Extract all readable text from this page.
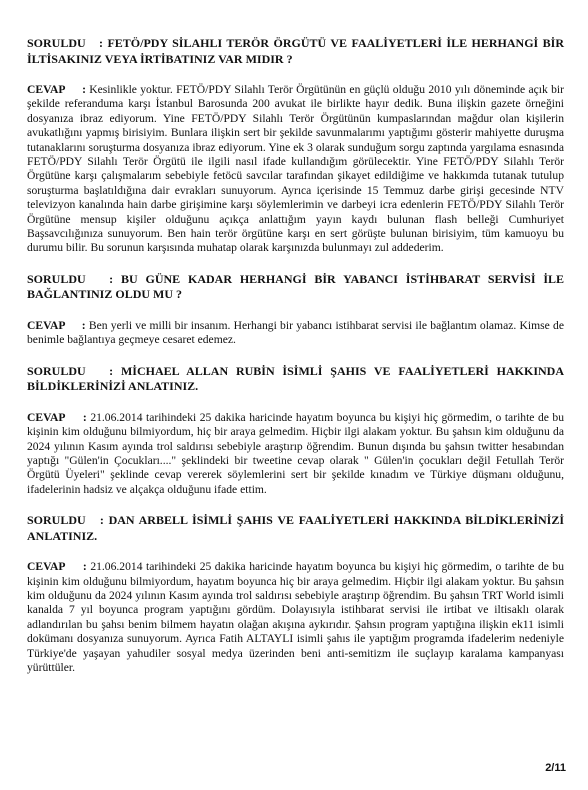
SORULDU   : FETÖ/PDY SİLAHLI TERÖR ÖRGÜTÜ VE FAALİYETLERİ İLE HERHANGİ BİR İLTİSAKINIZ VEYA İRTİBATINIZ VAR MIDIR ?

CEVAP     : Kesinlikle yoktur. FETÖ/PDY Silahlı Terör Örgütünün en güçlü olduğu 2010 yılı döneminde açık bir şekilde referanduma karşı İstanbul Barosunda 200 avukat ile birlikte hayır dedik. Buna ilişkin gazete örneğini dosyanıza ibraz ediyorum. Yine FETÖ/PDY Silahlı Terör Örgütünün kumpaslarından mağdur olan kişilerin avukatlığını yapmış birisiyim. Bunlara ilişkin sert bir şekilde savunmalarımı yaptığımı gösterir mahiyette duruşma tutanaklarını soruşturma dosyanıza ibraz ediyorum. Yine ek 3 olarak sunduğum sorgu zaptında yargılama esnasında FETÖ/PDY Silahlı Terör Örgütü ile ilgili nasıl ifade kullandığım görülecektir. Yine FETÖ/PDY Silahlı Terör Örgütüne karşı çalışmalarım sebebiyle fetöcü savcılar tarafından şikayet edildiğime ve hakkımda tutanak tutulup soruşturma başlatıldığına dair evrakları sunuyorum. Ayrıca içerisinde 15 Temmuz darbe girişi gecesinde NTV televizyon kanalında hain darbe girişimine karşı söylemlerimin ve darbeyi icra edenlerin FETÖ/PDY Silahlı Terör Örgütüne mensup kişiler olduğunu açıkça anlattığım yayın kaydı bulunan flash belleği Cumhuriyet Başsavcılığınıza sunuyorum. Ben hain terör örgütüne karşı en sert görüşte bulunan birisiyim, tüm kamuoyu bu durumu bilir. Bu sorunun karşısında muhatap olarak karşınızda bulunmayı zul addederim.

SORULDU   : BU GÜNE KADAR HERHANGİ BİR YABANCI İSTİHBARAT SERVİSİ İLE BAĞLANTINIZ OLDU MU ?

CEVAP     : Ben yerli ve milli bir insanım. Herhangi bir yabancı istihbarat servisi ile bağlantım olamaz. Kimse de benimle bağlantıya geçmeye cesaret edemez.

SORULDU   : MİCHAEL ALLAN RUBİN İSİMLİ ŞAHIS VE FAALİYETLERİ HAKKINDA BİLDİKLERİNİZİ ANLATINIZ.

CEVAP     : 21.06.2014 tarihindeki 25 dakika haricinde hayatım boyunca bu kişiyi hiç görmedim, o tarihte de bu kişinin kim olduğunu bilmiyordum, hiç bir araya gelmedim. Hiçbir ilgi alakam yoktur. Bu şahsın kim olduğunu da 2024 yılının Kasım ayında trol saldırısı sebebiyle araştırıp öğrendim. Bunun dışında bu şahsın twitter hesabından yaptığı "Gülen'in Çocukları...." şeklindeki bir tweetine cevap olarak " Gülen'in çocukları değil Fetullah Terör Örgütü Üyeleri" şeklinde cevap vererek söylemlerini sert bir şekilde kınadım ve Türkiye düşmanı olduğunu, ifadelerinin hadsiz ve alçakça olduğunu ifade ettim.

SORULDU   : DAN ARBELL İSİMLİ ŞAHIS VE FAALİYETLERİ HAKKINDA BİLDİKLERİNİZİ ANLATINIZ.

CEVAP     : 21.06.2014 tarihindeki 25 dakika haricinde hayatım boyunca bu kişiyi hiç görmedim, o tarihte de bu kişinin kim olduğunu bilmiyordum, hayatım boyunca hiç bir araya gelmedim. Hiçbir ilgi alakam yoktur. Bu şahsın kim olduğunu da 2024 yılının Kasım ayında trol saldırısı sebebiyle araştırıp öğrendim. Bu şahsın TRT World isimli kanalda 7 yıl boyunca program yaptığını gördüm. Dolayısıyla istihbarat servisi ile irtibat ve iltisaklı olarak adlandırılan bu şahsı benim bilmem hayatın olağan akışına aykırıdır. Şahsın program yaptığına ilişkin ek11 isimli dokümanı dosyanıza sunuyorum. Ayrıca Fatih ALTAYLI isimli şahıs ile yaptığım programda ifadelerim nedeniyle Türkiye'de yaşayan yahudiler sosyal medya üzerinden beni anti-semitizm ile suçlayıp karalama kampanyası yürüttüler.

2/11
